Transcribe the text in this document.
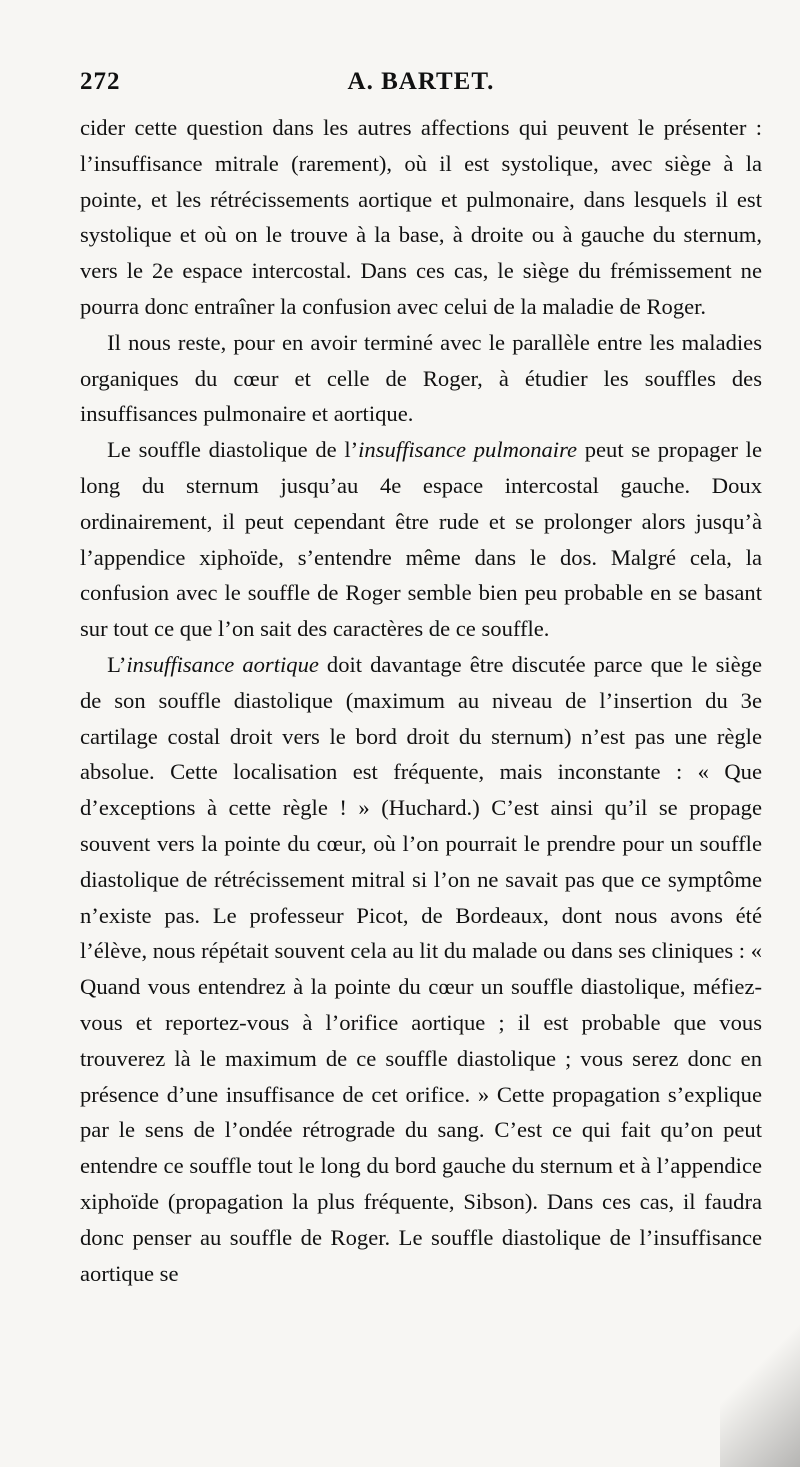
272	A. BARTET.

cider cette question dans les autres affections qui peuvent le présenter : l’insuffisance mitrale (rarement), où il est systolique, avec siège à la pointe, et les rétrécissements aortique et pulmonaire, dans lesquels il est systolique et où on le trouve à la base, à droite ou à gauche du sternum, vers le 2e espace intercostal. Dans ces cas, le siège du frémissement ne pourra donc entraîner la confusion avec celui de la maladie de Roger.

Il nous reste, pour en avoir terminé avec le parallèle entre les maladies organiques du cœur et celle de Roger, à étudier les souffles des insuffisances pulmonaire et aortique.

Le souffle diastolique de l’insuffisance pulmonaire peut se propager le long du sternum jusqu’au 4e espace intercostal gauche. Doux ordinairement, il peut cependant être rude et se prolonger alors jusqu’à l’appendice xiphoïde, s’entendre même dans le dos. Malgré cela, la confusion avec le souffle de Roger semble bien peu probable en se basant sur tout ce que l’on sait des caractères de ce souffle.

L’insuffisance aortique doit davantage être discutée parce que le siège de son souffle diastolique (maximum au niveau de l’insertion du 3e cartilage costal droit vers le bord droit du sternum) n’est pas une règle absolue. Cette localisation est fréquente, mais inconstante : « Que d’exceptions à cette règle ! » (Huchard.) C’est ainsi qu’il se propage souvent vers la pointe du cœur, où l’on pourrait le prendre pour un souffle diastolique de rétrécissement mitral si l’on ne savait pas que ce symptôme n’existe pas. Le professeur Picot, de Bordeaux, dont nous avons été l’élève, nous répétait souvent cela au lit du malade ou dans ses cliniques : « Quand vous entendrez à la pointe du cœur un souffle diastolique, méfiez-vous et reportez-vous à l’orifice aortique ; il est probable que vous trouverez là le maximum de ce souffle diastolique ; vous serez donc en présence d’une insuffisance de cet orifice. » Cette propagation s’explique par le sens de l’ondée rétrograde du sang. C’est ce qui fait qu’on peut entendre ce souffle tout le long du bord gauche du sternum et à l’appendice xiphoïde (propagation la plus fréquente, Sibson). Dans ces cas, il faudra donc penser au souffle de Roger. Le souffle diastolique de l’insuffisance aortique se
